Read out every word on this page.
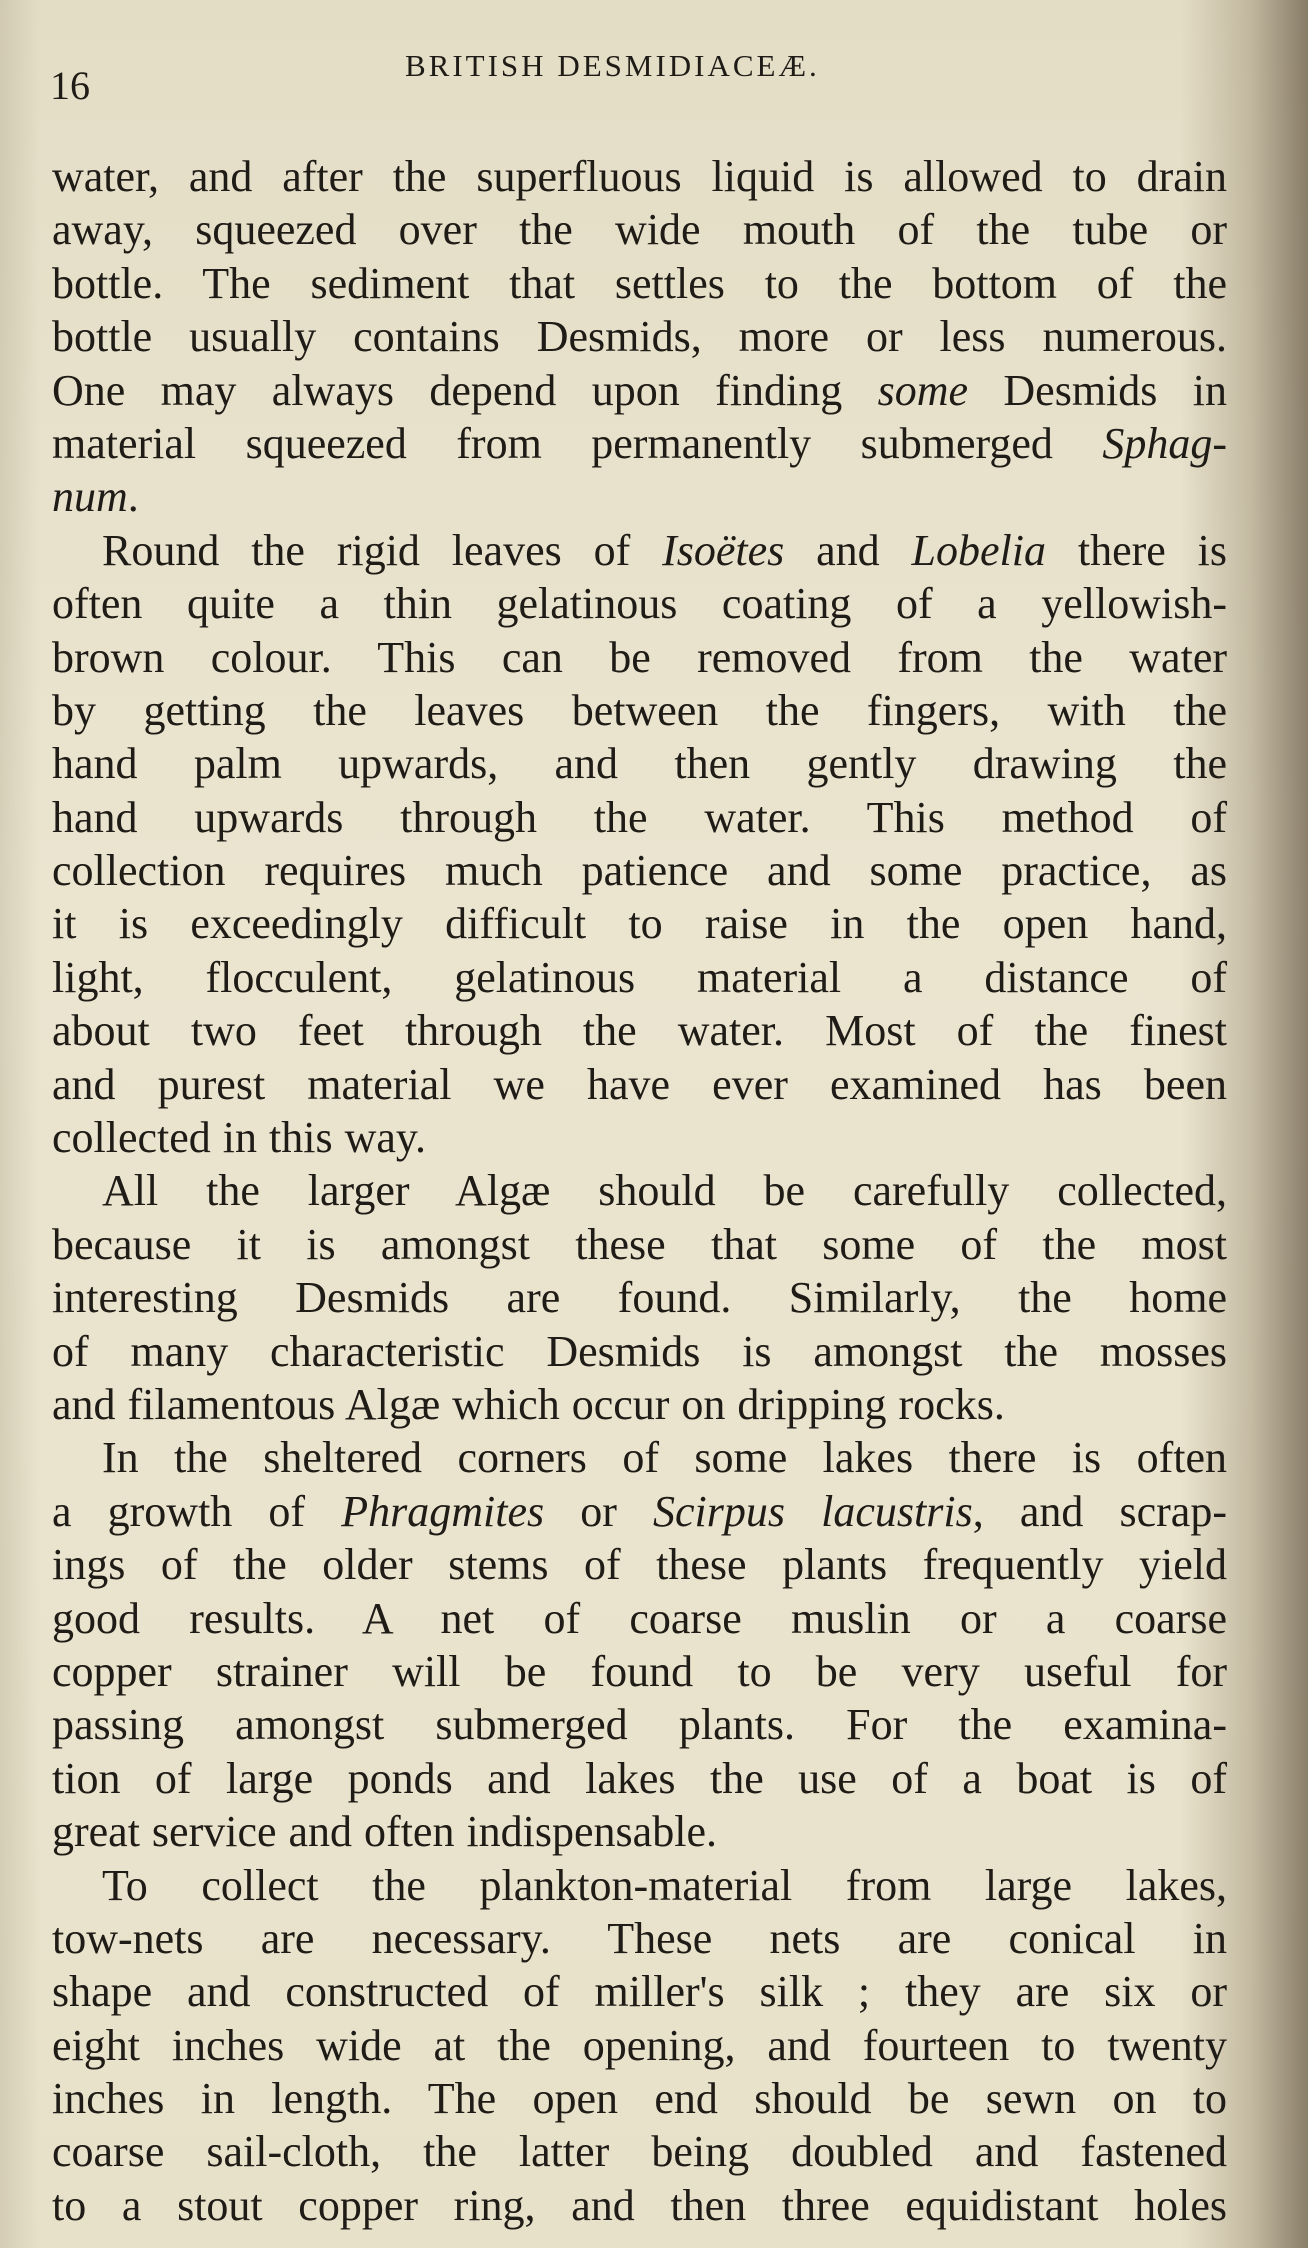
16	BRITISH DESMIDIACEÆ.
water, and after the superfluous liquid is allowed to drain
away, squeezed over the wide mouth of the tube or
bottle. The sediment that settles to the bottom of the
bottle usually contains Desmids, more or less numerous.
One may always depend upon finding some Desmids in
material squeezed from permanently submerged Sphag-
num.
Round the rigid leaves of Isoëtes and Lobelia there is
often quite a thin gelatinous coating of a yellowish-
brown colour. This can be removed from the water
by getting the leaves between the fingers, with the
hand palm upwards, and then gently drawing the
hand upwards through the water. This method of
collection requires much patience and some practice, as
it is exceedingly difficult to raise in the open hand,
light, flocculent, gelatinous material a distance of
about two feet through the water. Most of the finest
and purest material we have ever examined has been
collected in this way.
All the larger Algæ should be carefully collected,
because it is amongst these that some of the most
interesting Desmids are found. Similarly, the home
of many characteristic Desmids is amongst the mosses
and filamentous Algæ which occur on dripping rocks.
In the sheltered corners of some lakes there is often
a growth of Phragmites or Scirpus lacustris, and scrap-
ings of the older stems of these plants frequently yield
good results. A net of coarse muslin or a coarse
copper strainer will be found to be very useful for
passing amongst submerged plants. For the examina-
tion of large ponds and lakes the use of a boat is of
great service and often indispensable.
To collect the plankton-material from large lakes,
tow-nets are necessary. These nets are conical in
shape and constructed of miller's silk ; they are six or
eight inches wide at the opening, and fourteen to twenty
inches in length. The open end should be sewn on to
coarse sail-cloth, the latter being doubled and fastened
to a stout copper ring, and then three equidistant holes
